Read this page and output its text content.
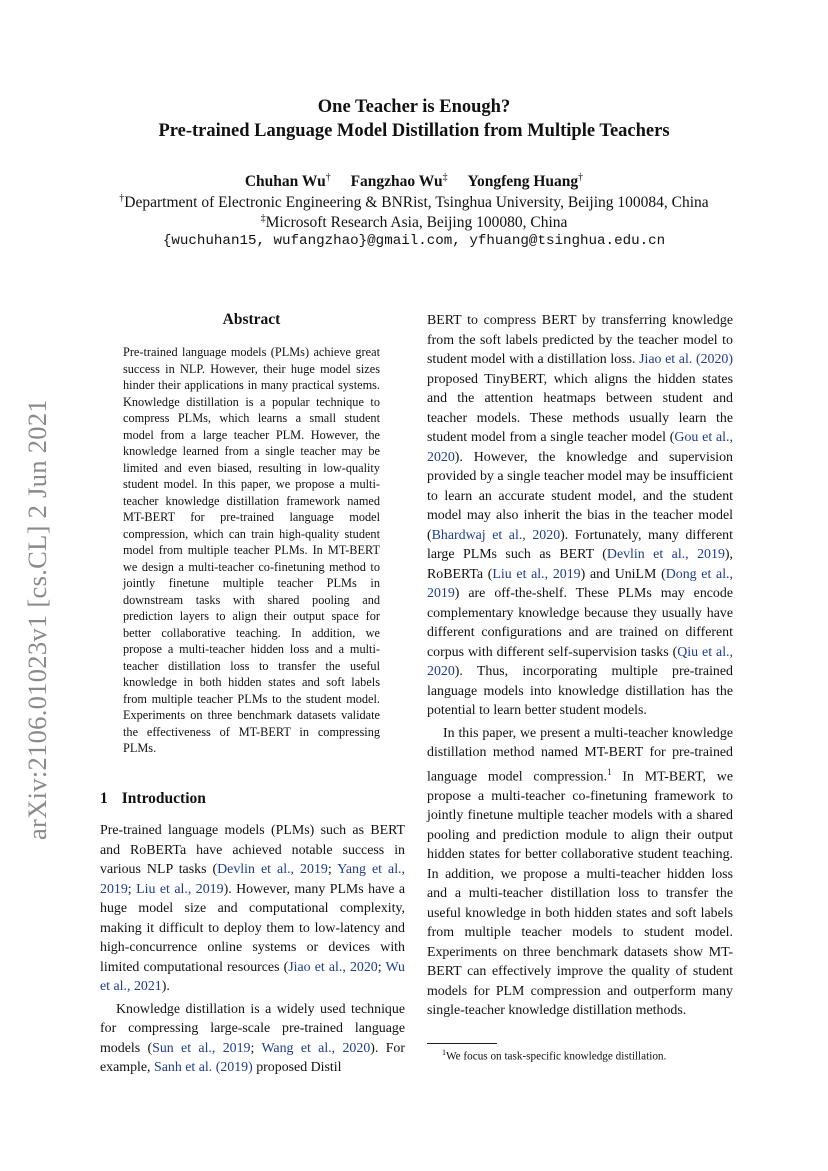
arXiv:2106.01023v1 [cs.CL] 2 Jun 2021
One Teacher is Enough?
Pre-trained Language Model Distillation from Multiple Teachers
Chuhan Wu† Fangzhao Wu‡ Yongfeng Huang†
†Department of Electronic Engineering & BNRist, Tsinghua University, Beijing 100084, China
‡Microsoft Research Asia, Beijing 100080, China
{wuchuhan15, wufangzhao}@gmail.com, yfhuang@tsinghua.edu.cn
Abstract
Pre-trained language models (PLMs) achieve great success in NLP. However, their huge model sizes hinder their applications in many practical systems. Knowledge distillation is a popular technique to compress PLMs, which learns a small student model from a large teacher PLM. However, the knowledge learned from a single teacher may be limited and even biased, resulting in low-quality student model. In this paper, we propose a multi-teacher knowledge distillation framework named MT-BERT for pre-trained language model compression, which can train high-quality student model from multiple teacher PLMs. In MT-BERT we design a multi-teacher co-finetuning method to jointly finetune multiple teacher PLMs in downstream tasks with shared pooling and prediction layers to align their output space for better collaborative teaching. In addition, we propose a multi-teacher hidden loss and a multi-teacher distillation loss to transfer the useful knowledge in both hidden states and soft labels from multiple teacher PLMs to the student model. Experiments on three benchmark datasets validate the effectiveness of MT-BERT in compressing PLMs.
1 Introduction

Pre-trained language models (PLMs) such as BERT and RoBERTa have achieved notable success in various NLP tasks (Devlin et al., 2019; Yang et al., 2019; Liu et al., 2019). However, many PLMs have a huge model size and computational complexity, making it difficult to deploy them to low-latency and high-concurrence online systems or devices with limited computational resources (Jiao et al., 2020; Wu et al., 2021).

Knowledge distillation is a widely used technique for compressing large-scale pre-trained language models (Sun et al., 2019; Wang et al., 2020). For example, Sanh et al. (2019) proposed Distil

BERT to compress BERT by transferring knowledge from the soft labels predicted by the teacher model to student model with a distillation loss. Jiao et al. (2020) proposed TinyBERT, which aligns the hidden states and the attention heatmaps between student and teacher models. These methods usually learn the student model from a single teacher model (Gou et al., 2020). However, the knowledge and supervision provided by a single teacher model may be insufficient to learn an accurate student model, and the student model may also inherit the bias in the teacher model (Bhardwaj et al., 2020). Fortunately, many different large PLMs such as BERT (Devlin et al., 2019), RoBERTa (Liu et al., 2019) and UniLM (Dong et al., 2019) are off-the-shelf. These PLMs may encode complementary knowledge because they usually have different configurations and are trained on different corpus with different self-supervision tasks (Qiu et al., 2020). Thus, incorporating multiple pre-trained language models into knowledge distillation has the potential to learn better student models.

In this paper, we present a multi-teacher knowledge distillation method named MT-BERT for pre-trained language model compression.$^1$ In MT-BERT, we propose a multi-teacher co-finetuning framework to jointly finetune multiple teacher models with a shared pooling and prediction module to align their output hidden states for better collaborative student teaching. In addition, we propose a multi-teacher hidden loss and a multi-teacher distillation loss to transfer the useful knowledge in both hidden states and soft labels from multiple teacher models to student model. Experiments on three benchmark datasets show MT-BERT can effectively improve the quality of student models for PLM compression and outperform many single-teacher knowledge distillation methods.

$^1$We focus on task-specific knowledge distillation.
